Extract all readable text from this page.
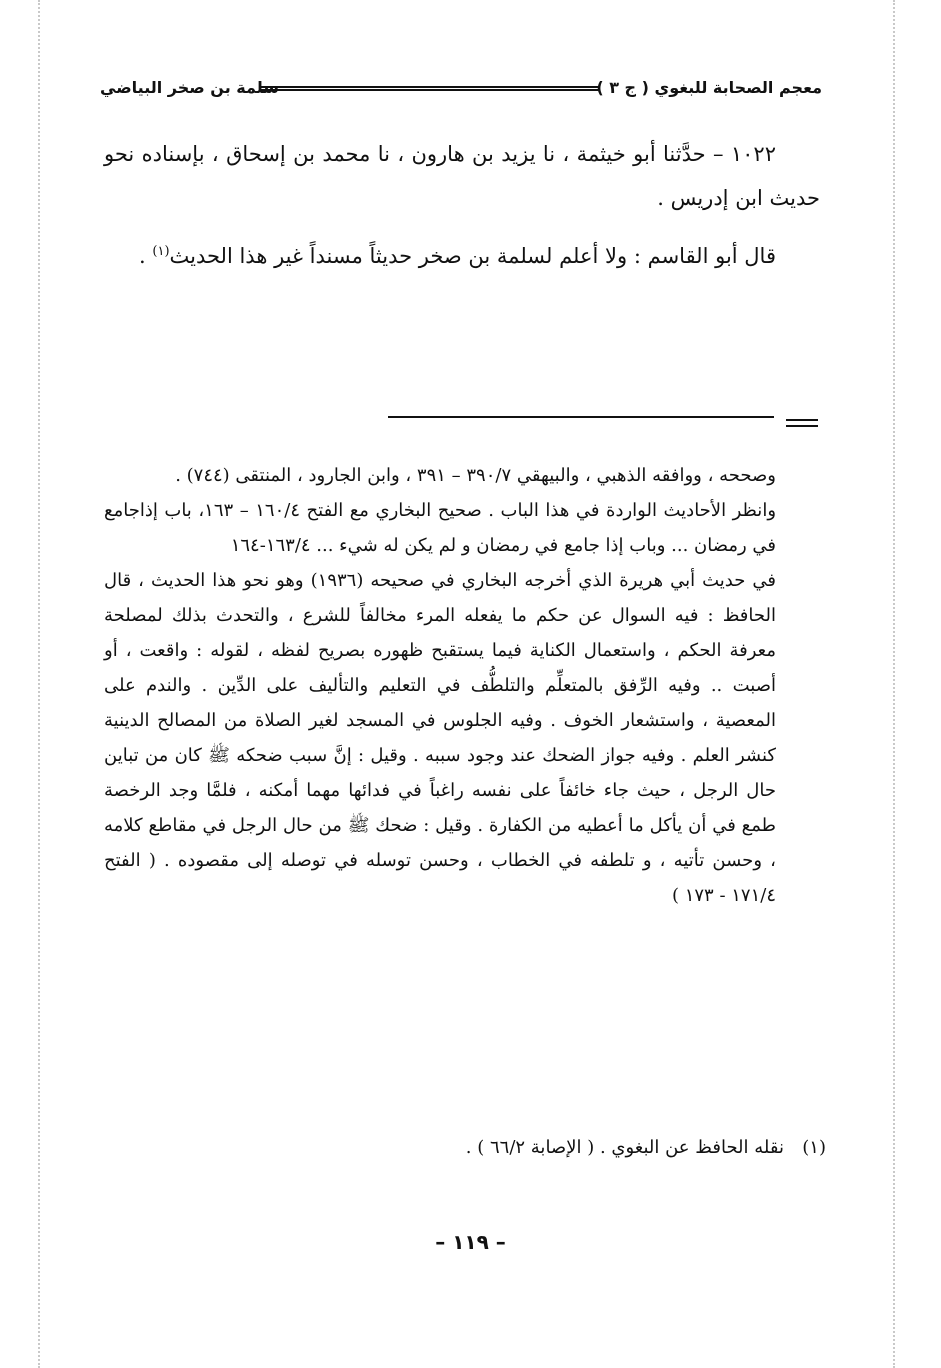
معجم الصحابة للبغوي ( ج ٣ )
سلمة بن صخر البياضي

١٠٢٢ – حدَّثنا أبو خيثمة ، نا يزيد بن هارون ، نا محمد بن إسحاق ، بإسناده نحو حديث ابن إدريس .

قال أبو القاسم : ولا أعلم لسلمة بن صخر حديثاً مسنداً غير هذا الحديث$^{(١)}$ .

وصححه ، ووافقه الذهبي ، والبيهقي ٣٩٠/٧ – ٣٩١ ، وابن الجارود ، المنتقى (٧٤٤) .

وانظر الأحاديث الواردة في هذا الباب . صحيح البخاري مع الفتح ١٦٠/٤ – ١٦٣، باب إذاجامع في رمضان ... وباب إذا جامع في رمضان و لم يكن له شيء ... ١٦٣/٤-١٦٤

في حديث أبي هريرة الذي أخرجه البخاري في صحيحه (١٩٣٦) وهو نحو هذا الحديث ، قال الحافظ : فيه السوال عن حكم ما يفعله المرء مخالفاً للشرع ، والتحدث بذلك لمصلحة معرفة الحكم ، واستعمال الكناية فيما يستقبح ظهوره بصريح لفظه ، لقوله : واقعت ، أو أصبت .. وفيه الرِّفق بالمتعلِّم والتلطُّف في التعليم والتأليف على الدِّين . والندم على المعصية ، واستشعار الخوف . وفيه الجلوس في المسجد لغير الصلاة من المصالح الدينية كنشر العلم . وفيه جواز الضحك عند وجود سببه . وقيل : إنَّ سبب ضحكه ﷺ كان من تباين حال الرجل ، حيث جاء خائفاً على نفسه راغباً في فدائها مهما أمكنه ، فلمَّا وجد الرخصة طمع في أن يأكل ما أعطيه من الكفارة . وقيل : ضحك ﷺ من حال الرجل في مقاطع كلامه ، وحسن تأتيه ، و تلطفه في الخطاب ، وحسن توسله في توصله إلى مقصوده . ( الفتح ١٧١/٤ - ١٧٣ )

(١)نقله الحافظ عن البغوي . ( الإصابة ٦٦/٢ ) .
– ١١٩ –
